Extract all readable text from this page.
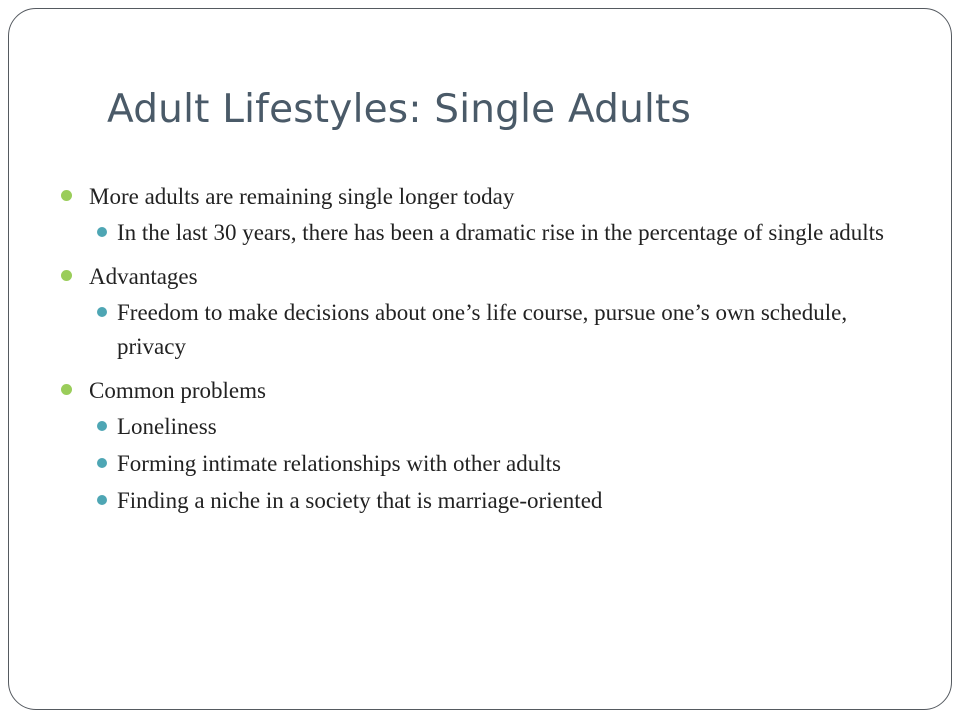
Adult Lifestyles: Single Adults
More adults are remaining single longer today
In the last 30 years, there has been a dramatic rise in the percentage of single adults
Advantages
Freedom to make decisions about one’s life course, pursue one’s own schedule, privacy
Common problems
Loneliness
Forming intimate relationships with other adults
Finding a niche in a society that is marriage-oriented
